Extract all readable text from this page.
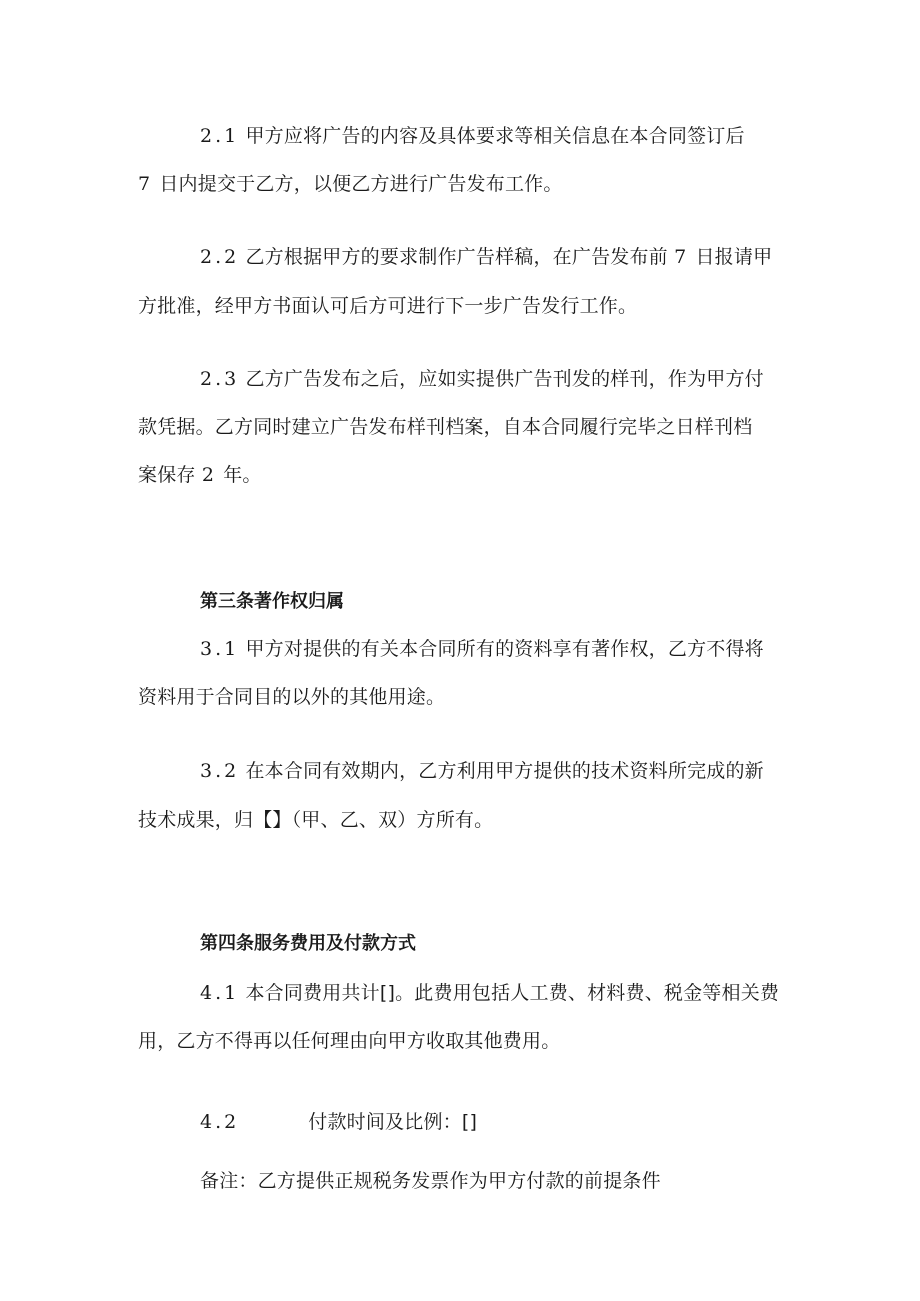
2.1 甲方应将广告的内容及具体要求等相关信息在本合同签订后
7 日内提交于乙方，以便乙方进行广告发布工作。
2.2 乙方根据甲方的要求制作广告样稿，在广告发布前 7 日报请甲
方批准，经甲方书面认可后方可进行下一步广告发行工作。
2.3 乙方广告发布之后，应如实提供广告刊发的样刊，作为甲方付
款凭据。乙方同时建立广告发布样刊档案，自本合同履行完毕之日样刊档
案保存 2 年。
第三条著作权归属
3.1 甲方对提供的有关本合同所有的资料享有著作权，乙方不得将
资料用于合同目的以外的其他用途。
3.2 在本合同有效期内，乙方利用甲方提供的技术资料所完成的新
技术成果，归【】（甲、乙、双）方所有。
第四条服务费用及付款方式
4.1 本合同费用共计[]。此费用包括人工费、材料费、税金等相关费
用，乙方不得再以任何理由向甲方收取其他费用。
4.2	付款时间及比例：[]
备注：乙方提供正规税务发票作为甲方付款的前提条件
